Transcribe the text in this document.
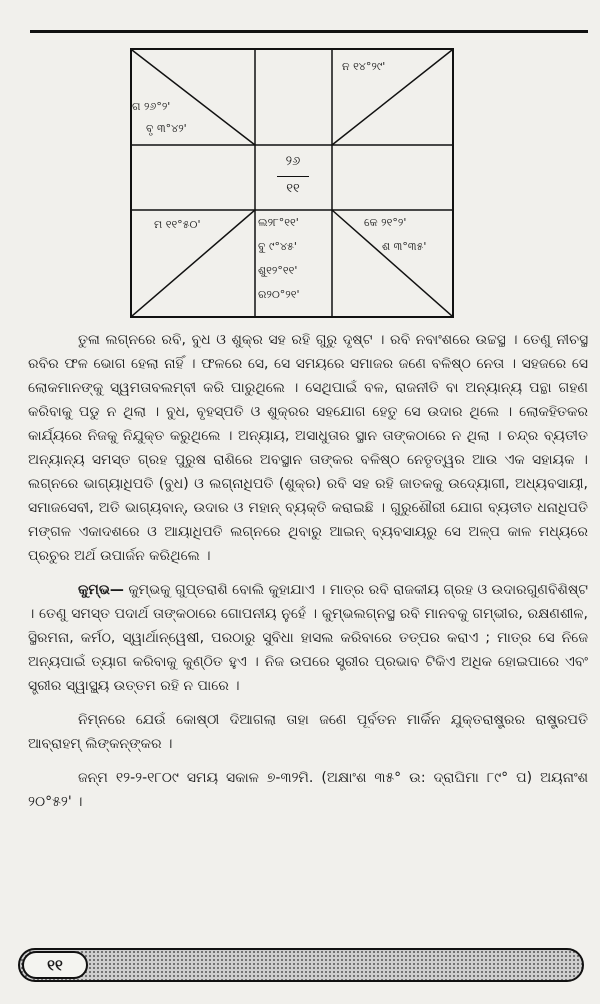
ନ ୧୪°୨୯'
ଗ ୨୬°୨'
ବୃ ୩°୪୨'
୨୬
୧୧
ମ ୧୧°୫୦'	ଲ୨୮°୧୧'
ବୁ ୯°୪୫'
ଶୁ୧୨°୧୧'
ର୨୦°୨୧'
କେ ୨୧°୨'
ଶ ୩°୩୫'

ତୁଳା ଲଗ୍ନରେ ରବି, ବୁଧ ଓ ଶୁକ୍ର ସହ ରହି ଗୁରୁ ଦୃଷ୍ଟ । ରବି ନବାଂଶରେ ଉଚ୍ଚସ୍ଥ । ତେଣୁ ନୀଚସ୍ଥ ରବିର ଫଳ ଭୋଗ ହେଲା ନାହିଁ । ଫଳରେ ସେ, ସେ ସମୟରେ ସମାଜର ଜଣେ ବଳିଷ୍ଠ ନେତା । ସହଜରେ ସେ ଲୋକମାନଙ୍କୁ ସ୍ୱମତାବଲମ୍ବୀ କରି ପାରୁଥିଲେ । ସେଥିପାଇଁ ବଳ, ରାଜନୀତି ବା ଅନ୍ୟାନ୍ୟ ପନ୍ଥା ଗହଣ କରିବାକୁ ପଡୁ ନ ଥିଲା । ବୁଧ, ବୃହସ୍ପତି ଓ ଶୁକ୍ରର ସହଯୋଗ ହେତୁ ସେ ଉଦାର ଥିଲେ । ଲୋକହିତକର କାର୍ଯ୍ୟରେ ନିଜକୁ ନିଯୁକ୍ତ କରୁଥିଲେ । ଅନ୍ୟାୟ, ଅସାଧୁତାର ସ୍ଥାନ ତାଙ୍କଠାରେ ନ ଥିଲା । ଚନ୍ଦ୍ର ବ୍ୟତୀତ ଅନ୍ୟାନ୍ୟ ସମସ୍ତ ଗ୍ରହ ପୁରୁଷ ରାଶିରେ ଅବସ୍ଥାନ ତାଙ୍କର ବଳିଷ୍ଠ ନେତୃତ୍ୱର ଆଉ ଏକ ସହାୟକ । ଲଗ୍ନରେ ଭାଗ୍ୟାଧିପତି (ବୁଧ) ଓ ଲଗ୍ନାଧିପତି (ଶୁକ୍ର) ରବି ସହ ରହି ଜାତକକୁ ଉଦ୍ୟୋଗୀ, ଅଧ୍ୟବସାୟୀ, ସମାଜସେବୀ, ଅତି ଭାଗ୍ୟବାନ୍, ଉଦାର ଓ ମହାନ୍ ବ୍ୟକ୍ତି କରାଇଛି । ଗୁରୁଶୌରୀ ଯୋଗ ବ୍ୟତୀତ ଧନାଧିପତି ମଙ୍ଗଳ ଏକାଦଶରେ ଓ ଆୟାଧିପତି ଲଗ୍ନରେ ଥିବାରୁ ଆଇନ୍ ବ୍ୟବସାୟରୁ ସେ ଅଳ୍ପ କାଳ ମଧ୍ୟରେ ପ୍ରଚୁର ଅର୍ଥ ଉପାର୍ଜନ କରିଥିଲେ ।

କୁମ୍ଭ— କୁମ୍ଭକୁ ଗୁପ୍ତରାଶି ବୋଲି କୁହାଯାଏ । ମାତ୍ର ରବି ରାଜକୀୟ ଗ୍ରହ ଓ ଉଦାରଗୁଣବିଶିଷ୍ଟ । ତେଣୁ ସମସ୍ତ ପଦାର୍ଥ ତାଙ୍କଠାରେ ଗୋପନୀୟ ନୁହେଁ । କୁମ୍ଭଲଗ୍ନସ୍ଥ ରବି ମାନବକୁ ଗମ୍ଭୀର, ରକ୍ଷଣଶୀଳ, ସ୍ଥିରମନା, କର୍ମଠ, ସ୍ୱାର୍ଥାନ୍ୱେଷୀ, ପରଠାରୁ ସୁବିଧା ହାସଲ କରିବାରେ ତତ୍ପର କରାଏ ; ମାତ୍ର ସେ ନିଜେ ଅନ୍ୟପାଇଁ ତ୍ୟାଗ କରିବାକୁ କୁଣ୍ଠିତ ହୁଏ । ନିଜ ଉପରେ ସ୍ତ୍ରୀର ପ୍ରଭାବ ଟିକିଏ ଅଧିକ ହୋଇପାରେ ଏବଂ ସ୍ତ୍ରୀର ସ୍ୱାସ୍ଥ୍ୟ ଉତ୍ତମ ରହି ନ ପାରେ ।

ନିମ୍ନରେ ଯେଉଁ କୋଷ୍ଠୀ ଦିଆଗଲା ତାହା ଜଣେ ପୂର୍ବତନ ମାର୍କିନ ଯୁକ୍ତରାଷ୍ଟ୍ରର ରାଷ୍ଟ୍ରପତି ଆବ୍ରାହମ୍ ଲିଙ୍କନ୍‌ଙ୍କର ।

ଜନ୍ମ ୧୨-୨-୧୮୦୯ ସମୟ ସକାଳ ୭-୩୨ମି. (ଅକ୍ଷାଂଶ ୩୫° ଉ: ଦ୍ରାଘିମା ୮୯° ପ) ଅୟନାଂଶ ୨୦°୫୨' ।

୧୧
